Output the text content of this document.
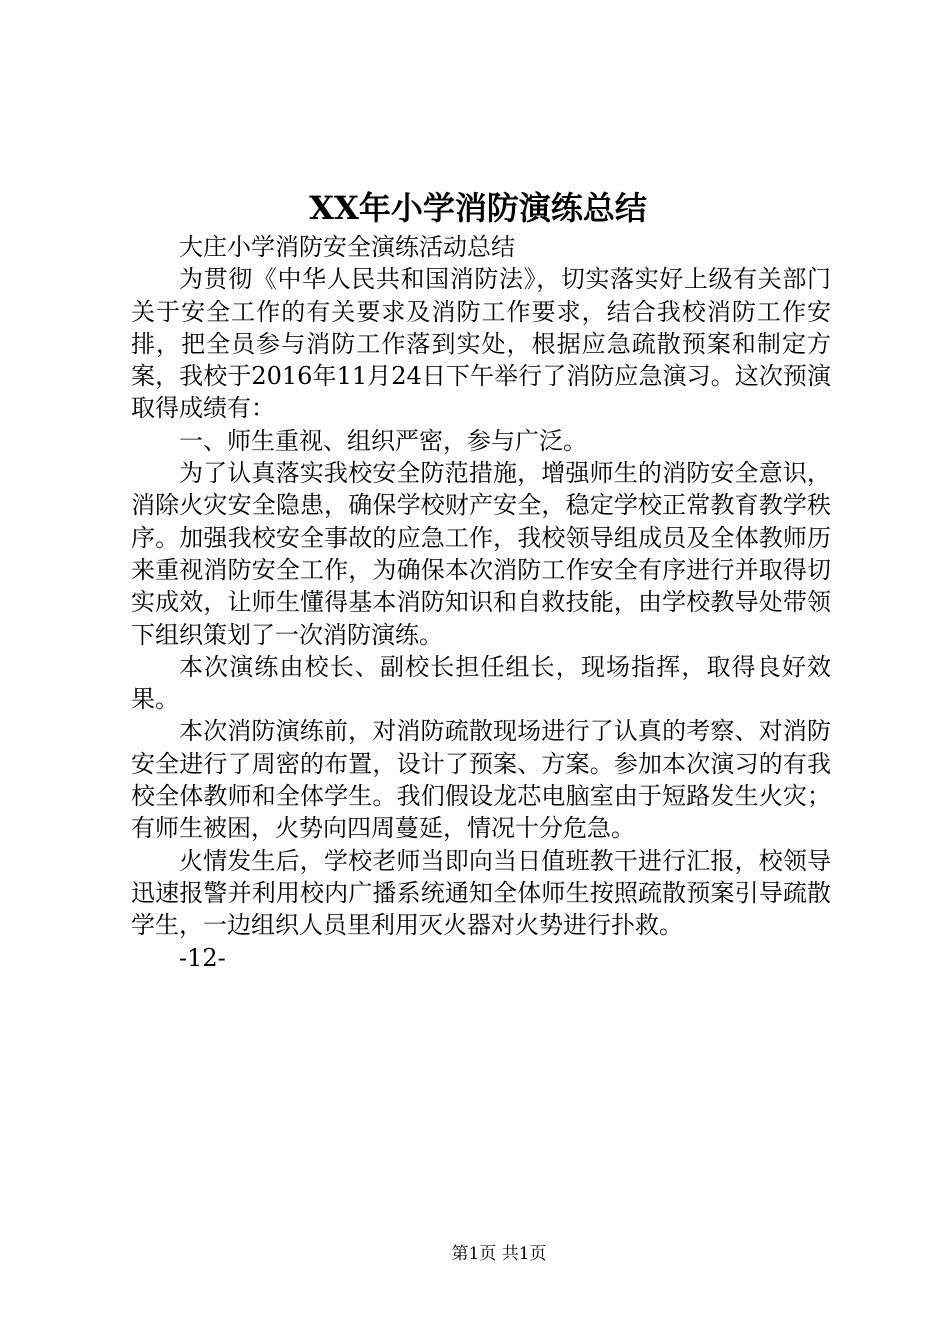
XX年小学消防演练总结

大庄小学消防安全演练活动总结

为贯彻《中华人民共和国消防法》，切实落实好上级有关部门关于安全工作的有关要求及消防工作要求，结合我校消防工作安排，把全员参与消防工作落到实处，根据应急疏散预案和制定方案，我校于2016年11月24日下午举行了消防应急演习。这次预演取得成绩有：

一、师生重视、组织严密，参与广泛。

为了认真落实我校安全防范措施，增强师生的消防安全意识，消除火灾安全隐患，确保学校财产安全，稳定学校正常教育教学秩序。加强我校安全事故的应急工作，我校领导组成员及全体教师历来重视消防安全工作，为确保本次消防工作安全有序进行并取得切实成效，让师生懂得基本消防知识和自救技能，由学校教导处带领下组织策划了一次消防演练。

本次演练由校长、副校长担任组长，现场指挥，取得良好效果。

本次消防演练前，对消防疏散现场进行了认真的考察、对消防安全进行了周密的布置，设计了预案、方案。参加本次演习的有我校全体教师和全体学生。我们假设龙芯电脑室由于短路发生火灾；有师生被困，火势向四周蔓延，情况十分危急。

火情发生后，学校老师当即向当日值班教干进行汇报，校领导迅速报警并利用校内广播系统通知全体师生按照疏散预案引导疏散学生，一边组织人员里利用灭火器对火势进行扑救。

-12-

第1页 共1页
